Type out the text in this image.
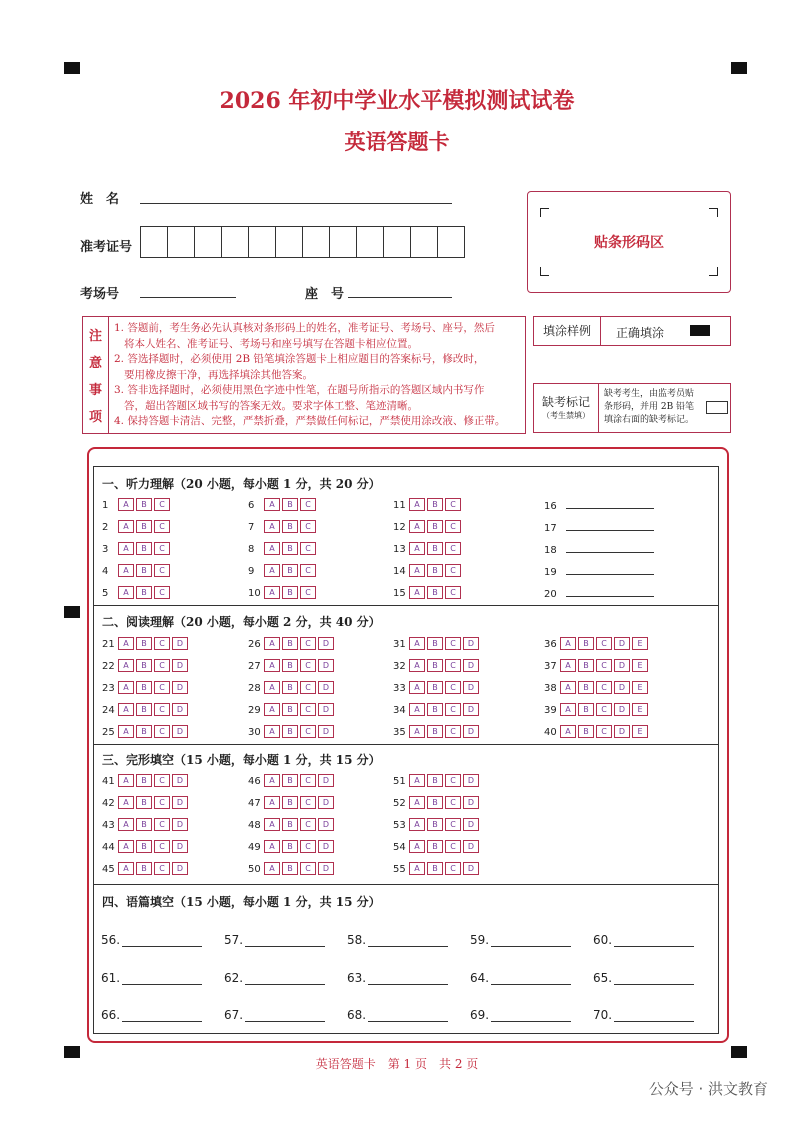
2026 年初中学业水平模拟测试试卷
英语答题卡
姓　名
准考证号
考场号	座　号
贴条形码区
注
意
事
项
1. 答题前，考生务必先认真核对条形码上的姓名，准考证号、考场号、座号，然后
将本人姓名、准考证号、考场号和座号填写在答题卡相应位置。
2. 答选择题时，必须使用 2B 铅笔填涂答题卡上相应题目的答案标号，修改时，
要用橡皮擦干净，再选择填涂其他答案。
3. 答非选择题时，必须使用黑色字迹中性笔，在题号所指示的答题区域内书写作
答，超出答题区域书写的答案无效。要求字体工整、笔迹清晰。
4. 保持答题卡清洁、完整，严禁折叠，严禁做任何标记，严禁使用涂改液、修正带。
填涂样例	正确填涂
缺考标记
（考生禁填）
缺考考生，由监考员贴
条形码，并用 2B 铅笔
填涂右面的缺考标记。
一、听力理解（20 小题，每小题 1 分，共 20 分）
二、阅读理解（20 小题，每小题 2 分，共 40 分）
三、完形填空（15 小题，每小题 1 分，共 15 分）
四、语篇填空（15 小题，每小题 1 分，共 15 分）
1 A B C
2 A B C
3 A B C
4 A B C
5 A B C
6 A B C
7 A B C
8 A B C
9 A B C
10 A B C
11 A B C
12 A B C
13 A B C
14 A B C
15 A B C
16
17
18
19
20
21 A B C D
22 A B C D
23 A B C D
24 A B C D
25 A B C D
26 A B C D
27 A B C D
28 A B C D
29 A B C D
30 A B C D
31 A B C D
32 A B C D
33 A B C D
34 A B C D
35 A B C D
36 A B C D E
37 A B C D E
38 A B C D E
39 A B C D E
40 A B C D E
41 A B C D
42 A B C D
43 A B C D
44 A B C D
45 A B C D
46 A B C D
47 A B C D
48 A B C D
49 A B C D
50 A B C D
51 A B C D
52 A B C D
53 A B C D
54 A B C D
55 A B C D
56.	57.	58.	59.	60.
61.	62.	63.	64.	65.
66.	67.	68.	69.	70.
英语答题卡　第 1 页　共 2 页
公众号 · 洪文教育
